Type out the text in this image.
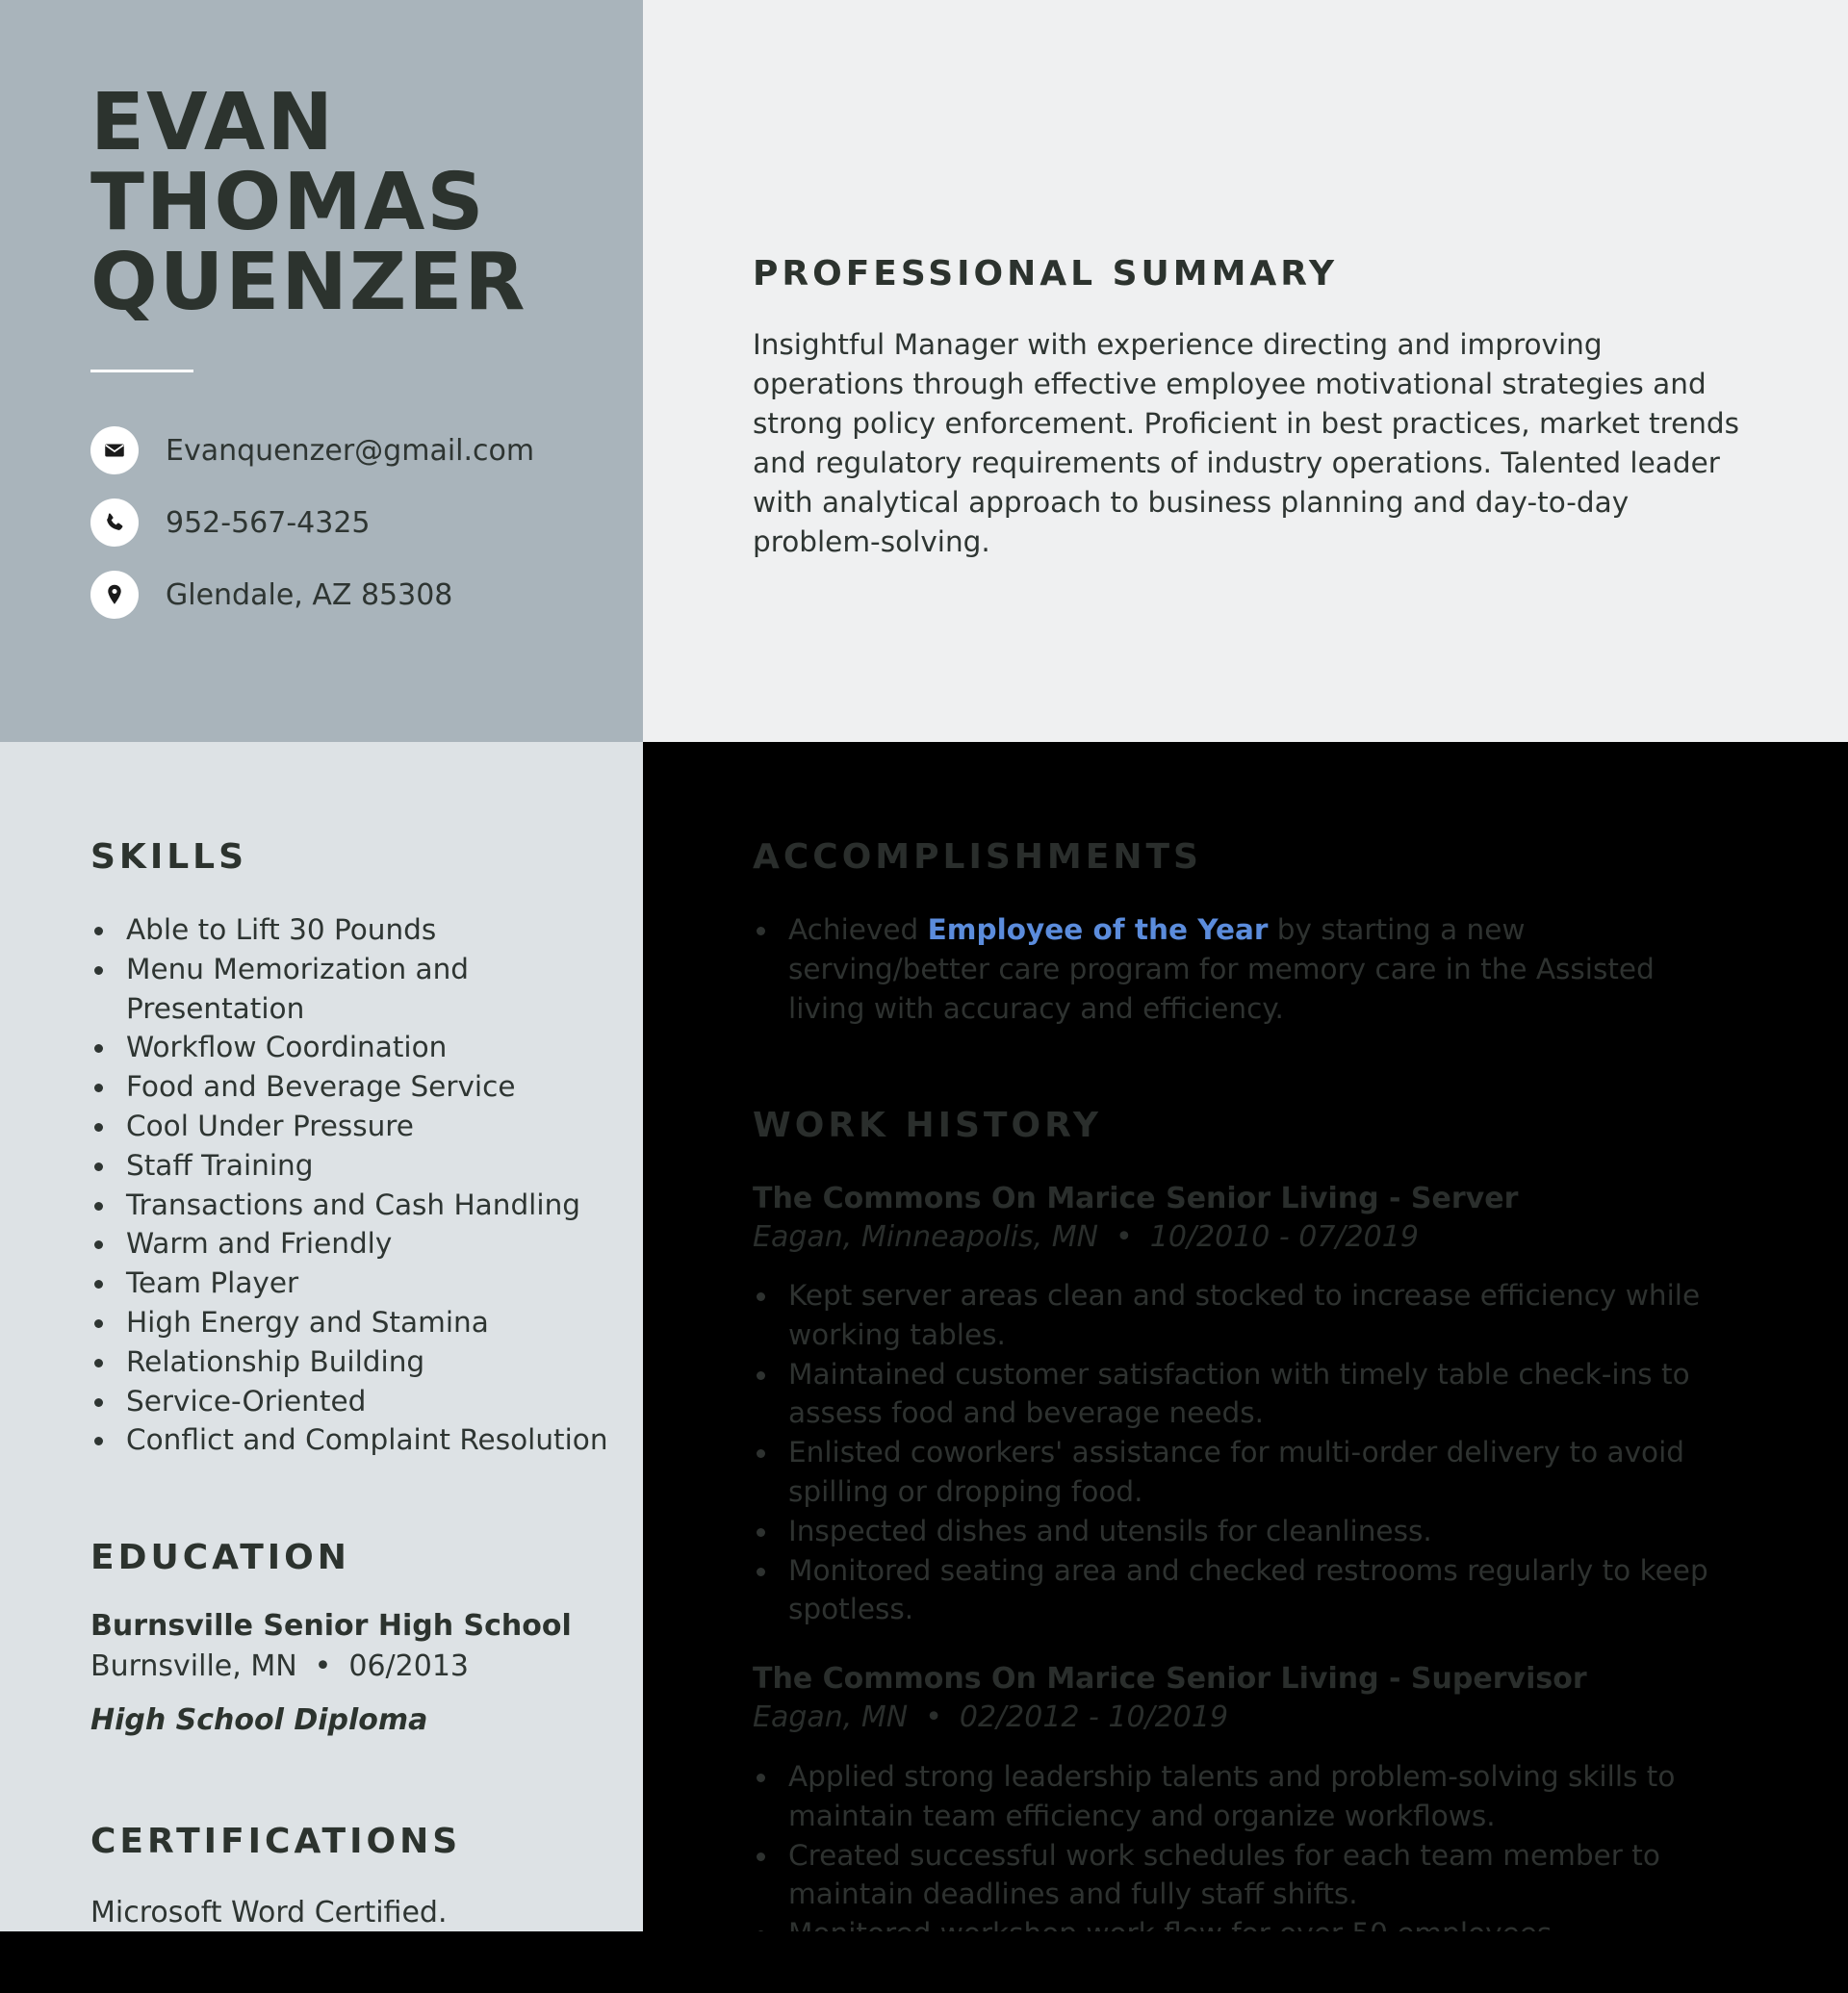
EVAN
THOMAS
QUENZER
Evanquenzer@gmail.com
952-567-4325
Glendale, AZ 85308
PROFESSIONAL SUMMARY

Insightful Manager with experience directing and improving operations through effective employee motivational strategies and strong policy enforcement. Proficient in best practices, market trends and regulatory requirements of industry operations. Talented leader with analytical approach to business planning and day-to-day problem-solving.

SKILLS
Able to Lift 30 Pounds
Menu Memorization and Presentation
Workflow Coordination
Food and Beverage Service
Cool Under Pressure
Staff Training
Transactions and Cash Handling
Warm and Friendly
Team Player
High Energy and Stamina
Relationship Building
Service-Oriented
Conflict and Complaint Resolution
EDUCATION

Burnsville Senior High School

Burnsville, MN • 06/2013

High School Diploma

CERTIFICATIONS

Microsoft Word Certified.

ACCOMPLISHMENTS
Achieved Employee of the Year by starting a new serving/better care program for memory care in the Assisted living with accuracy and efficiency.
WORK HISTORY

The Commons On Marice Senior Living - Server

Eagan, Minneapolis, MN • 10/2010 - 07/2019

Kept server areas clean and stocked to increase efficiency while working tables.
Maintained customer satisfaction with timely table check-ins to assess food and beverage needs.
Enlisted coworkers' assistance for multi-order delivery to avoid spilling or dropping food.
Inspected dishes and utensils for cleanliness.
Monitored seating area and checked restrooms regularly to keep spotless.

The Commons On Marice Senior Living - Supervisor

Eagan, MN • 02/2012 - 10/2019

Applied strong leadership talents and problem-solving skills to maintain team efficiency and organize workflows.
Created successful work schedules for each team member to maintain deadlines and fully staff shifts.
